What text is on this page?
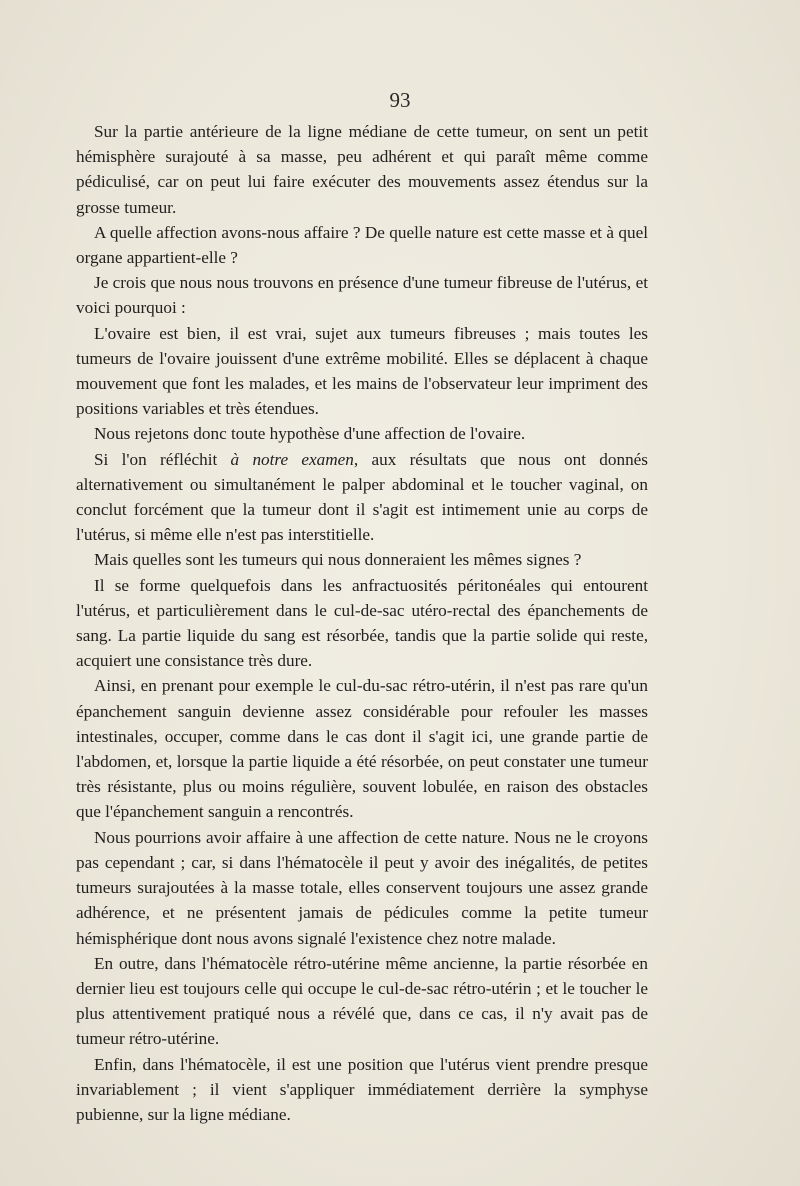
93

Sur la partie antérieure de la ligne médiane de cette tumeur, on sent un petit hémisphère surajouté à sa masse, peu adhérent et qui paraît même comme pédiculisé, car on peut lui faire exécuter des mouvements assez étendus sur la grosse tumeur.

A quelle affection avons-nous affaire ? De quelle nature est cette masse et à quel organe appartient-elle ?

Je crois que nous nous trouvons en présence d'une tumeur fibreuse de l'utérus, et voici pourquoi :

L'ovaire est bien, il est vrai, sujet aux tumeurs fibreuses ; mais toutes les tumeurs de l'ovaire jouissent d'une extrême mobilité. Elles se déplacent à chaque mouvement que font les malades, et les mains de l'observateur leur impriment des positions variables et très étendues.

Nous rejetons donc toute hypothèse d'une affection de l'ovaire.

Si l'on réfléchit à notre examen, aux résultats que nous ont donnés alternativement ou simultanément le palper abdominal et le toucher vaginal, on conclut forcément que la tumeur dont il s'agit est intimement unie au corps de l'utérus, si même elle n'est pas interstitielle.

Mais quelles sont les tumeurs qui nous donneraient les mêmes signes ?

Il se forme quelquefois dans les anfractuosités péritonéales qui entourent l'utérus, et particulièrement dans le cul-de-sac utéro-rectal des épanchements de sang. La partie liquide du sang est résorbée, tandis que la partie solide qui reste, acquiert une consistance très dure.

Ainsi, en prenant pour exemple le cul-du-sac rétro-utérin, il n'est pas rare qu'un épanchement sanguin devienne assez considérable pour refouler les masses intestinales, occuper, comme dans le cas dont il s'agit ici, une grande partie de l'abdomen, et, lorsque la partie liquide a été résorbée, on peut constater une tumeur très résistante, plus ou moins régulière, souvent lobulée, en raison des obstacles que l'épanchement sanguin a rencontrés.

Nous pourrions avoir affaire à une affection de cette nature. Nous ne le croyons pas cependant ; car, si dans l'hématocèle il peut y avoir des inégalités, de petites tumeurs surajoutées à la masse totale, elles conservent toujours une assez grande adhérence, et ne présentent jamais de pédicules comme la petite tumeur hémisphérique dont nous avons signalé l'existence chez notre malade.

En outre, dans l'hématocèle rétro-utérine même ancienne, la partie résorbée en dernier lieu est toujours celle qui occupe le cul-de-sac rétro-utérin ; et le toucher le plus attentivement pratiqué nous a révélé que, dans ce cas, il n'y avait pas de tumeur rétro-utérine.

Enfin, dans l'hématocèle, il est une position que l'utérus vient prendre presque invariablement ; il vient s'appliquer immédiatement derrière la symphyse pubienne, sur la ligne médiane.
